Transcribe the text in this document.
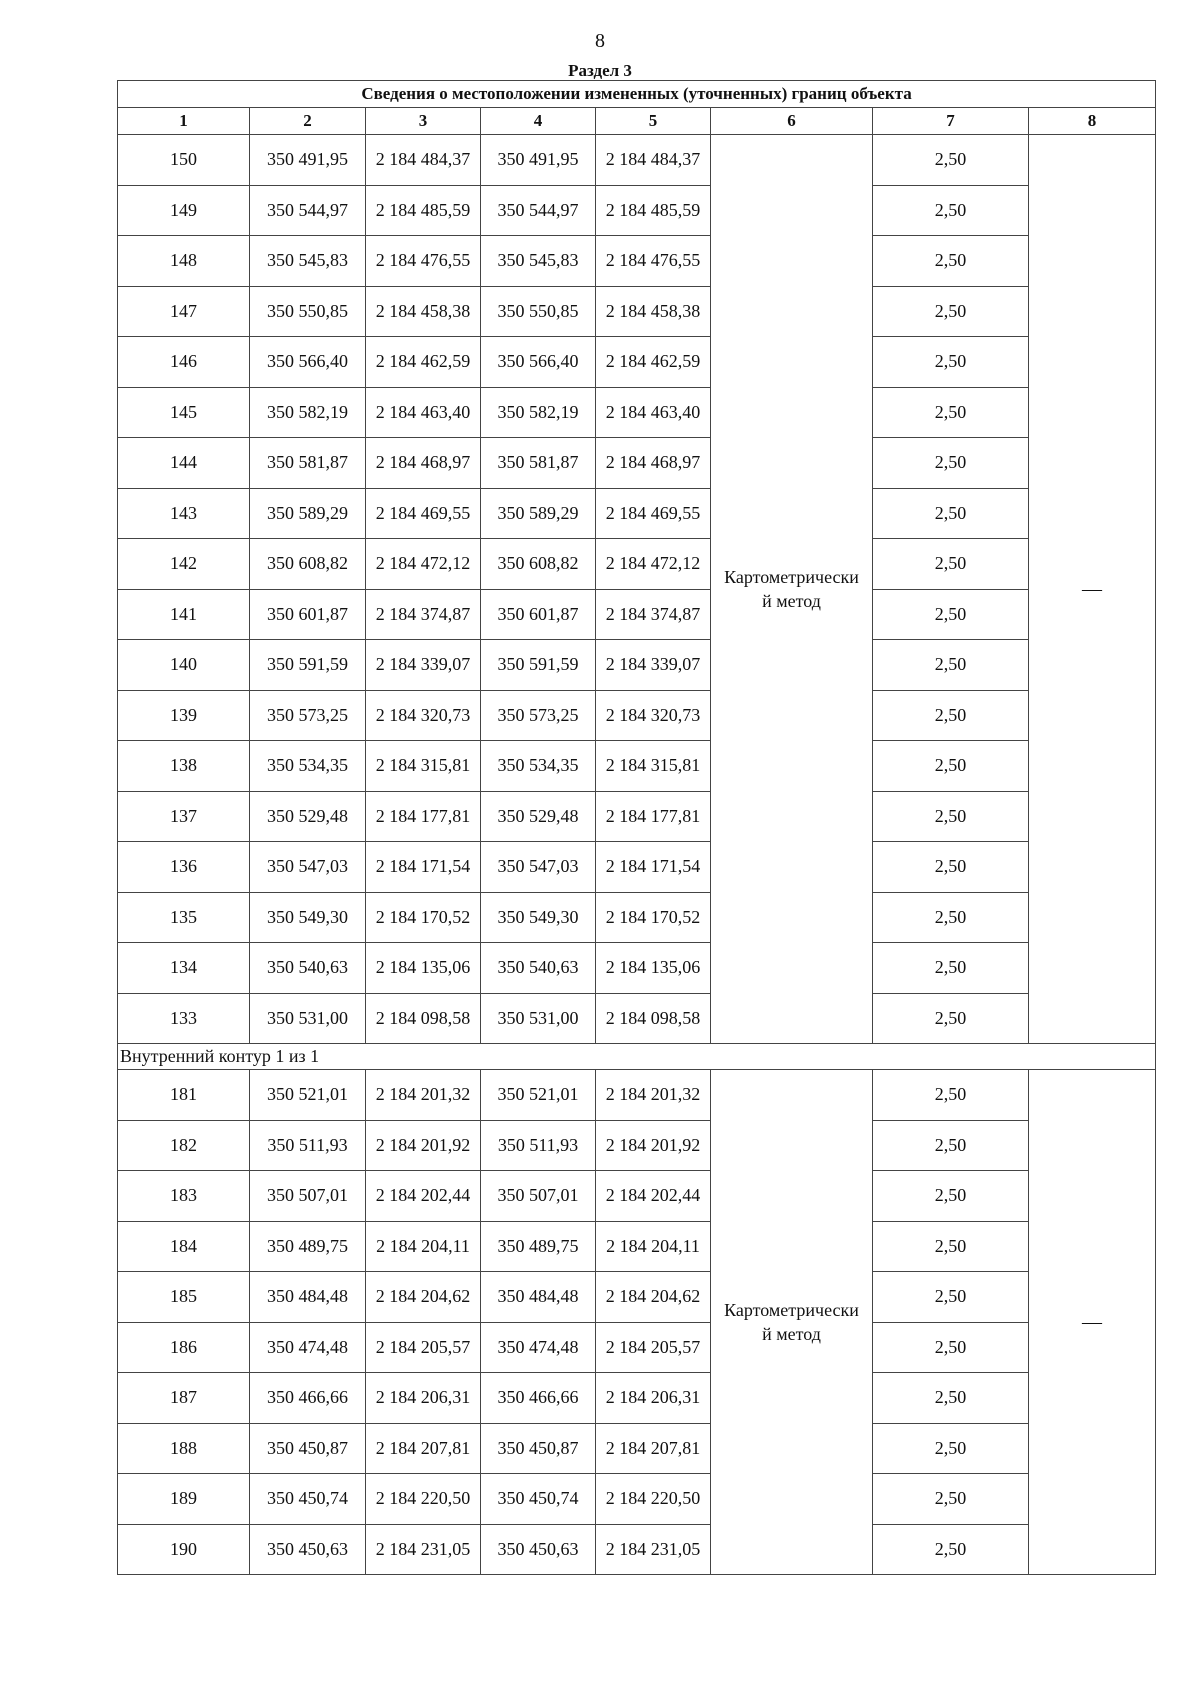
8
Раздел 3
Сведения о местоположении измененных (уточненных) границ объекта							
1	2	3	4	5	6	7	8
150	350 491,95	2 184 484,37	350 491,95	2 184 484,37	Картометрически
й метод	2,50	—
149	350 544,97	2 184 485,59	350 544,97	2 184 485,59		2,50	
148	350 545,83	2 184 476,55	350 545,83	2 184 476,55		2,50	
147	350 550,85	2 184 458,38	350 550,85	2 184 458,38		2,50	
146	350 566,40	2 184 462,59	350 566,40	2 184 462,59		2,50	
145	350 582,19	2 184 463,40	350 582,19	2 184 463,40		2,50	
144	350 581,87	2 184 468,97	350 581,87	2 184 468,97		2,50	
143	350 589,29	2 184 469,55	350 589,29	2 184 469,55		2,50	
142	350 608,82	2 184 472,12	350 608,82	2 184 472,12		2,50	
141	350 601,87	2 184 374,87	350 601,87	2 184 374,87		2,50	
140	350 591,59	2 184 339,07	350 591,59	2 184 339,07		2,50	
139	350 573,25	2 184 320,73	350 573,25	2 184 320,73		2,50	
138	350 534,35	2 184 315,81	350 534,35	2 184 315,81		2,50	
137	350 529,48	2 184 177,81	350 529,48	2 184 177,81		2,50	
136	350 547,03	2 184 171,54	350 547,03	2 184 171,54		2,50	
135	350 549,30	2 184 170,52	350 549,30	2 184 170,52		2,50	
134	350 540,63	2 184 135,06	350 540,63	2 184 135,06		2,50	
133	350 531,00	2 184 098,58	350 531,00	2 184 098,58		2,50	
Внутренний контур 1 из 1							
181	350 521,01	2 184 201,32	350 521,01	2 184 201,32	Картометрически
й метод	2,50	—
182	350 511,93	2 184 201,92	350 511,93	2 184 201,92		2,50	
183	350 507,01	2 184 202,44	350 507,01	2 184 202,44		2,50	
184	350 489,75	2 184 204,11	350 489,75	2 184 204,11		2,50	
185	350 484,48	2 184 204,62	350 484,48	2 184 204,62		2,50	
186	350 474,48	2 184 205,57	350 474,48	2 184 205,57		2,50	
187	350 466,66	2 184 206,31	350 466,66	2 184 206,31		2,50	
188	350 450,87	2 184 207,81	350 450,87	2 184 207,81		2,50	
189	350 450,74	2 184 220,50	350 450,74	2 184 220,50		2,50	
190	350 450,63	2 184 231,05	350 450,63	2 184 231,05		2,50	
